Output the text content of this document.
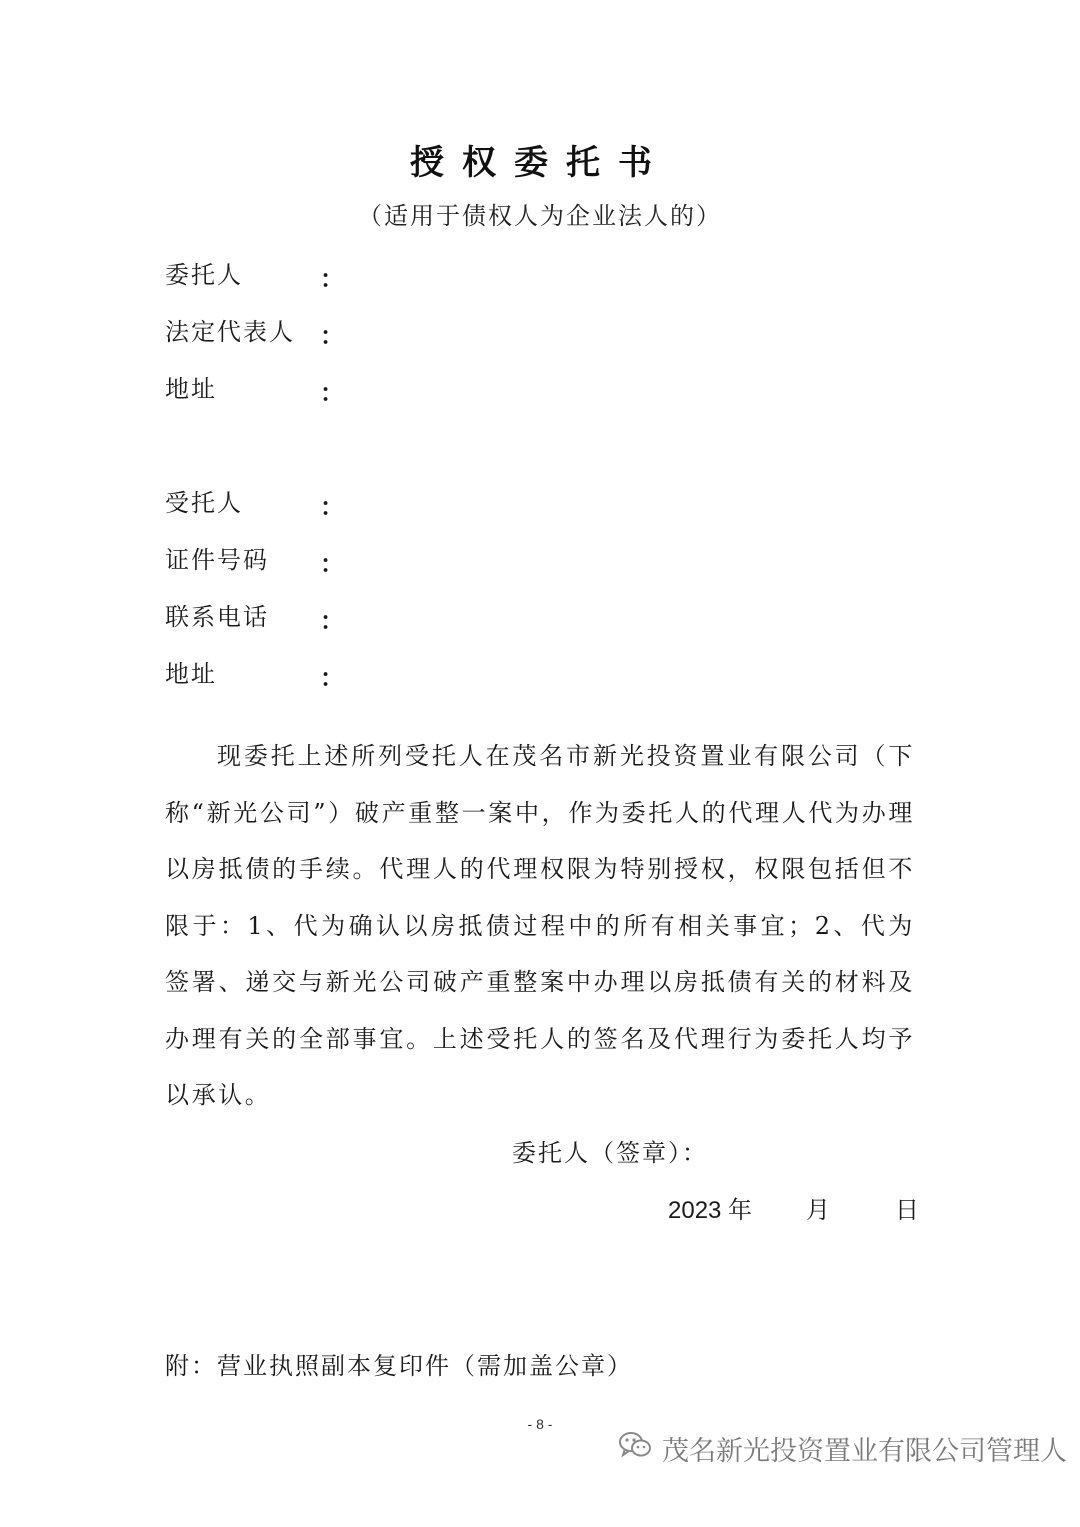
授权委托书
（适用于债权人为企业法人的）
委托人	：
法定代表人 ：
地址	：
受托人	：
证件号码 ：
联系电话 ：
地址	：
现委托上述所列受托人在茂名市新光投资置业有限公司（下称“新光公司”）破产重整一案中，作为委托人的代理人代为办理以房抵债的手续。代理人的代理权限为特别授权，权限包括但不限于：1、代为确认以房抵债过程中的所有相关事宜；2、代为签署、递交与新光公司破产重整案中办理以房抵债有关的材料及办理有关的全部事宜。上述受托人的签名及代理行为委托人均予以承认。
委托人（签章）：
2023 年 月	日
附：营业执照副本复印件（需加盖公章）
- 8 -
茂名新光投资置业有限公司管理人
